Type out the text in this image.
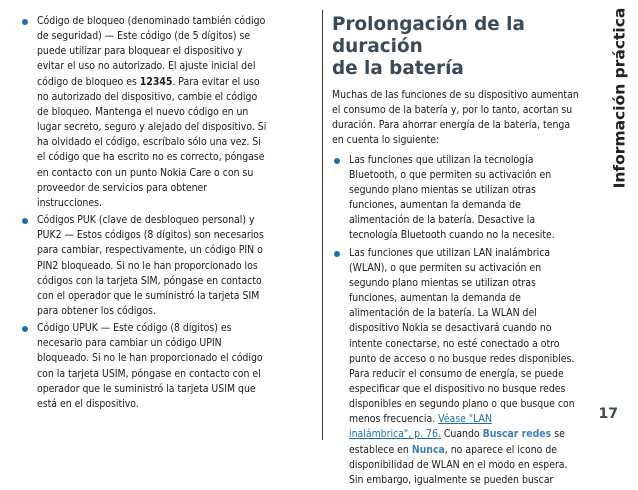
Código de bloqueo (denominado también código
de seguridad) — Este código (de 5 dígitos) se
puede utilizar para bloquear el dispositivo y
evitar el uso no autorizado. El ajuste inicial del
código de bloqueo es 12345. Para evitar el uso
no autorizado del dispositivo, cambie el código
de bloqueo. Mantenga el nuevo código en un
lugar secreto, seguro y alejado del dispositivo. Si
ha olvidado el código, escríbalo sólo una vez. Si
el código que ha escrito no es correcto, póngase
en contacto con un punto Nokia Care o con su
proveedor de servicios para obtener
instrucciones.
Códigos PUK (clave de desbloqueo personal) y
PUK2 — Estos códigos (8 dígitos) son necesarios
para cambiar, respectivamente, un código PIN o
PIN2 bloqueado. Si no le han proporcionado los
códigos con la tarjeta SIM, póngase en contacto
con el operador que le suministró la tarjeta SIM
para obtener los códigos.
Código UPUK — Este código (8 dígitos) es
necesario para cambiar un código UPIN
bloqueado. Si no le han proporcionado el código
con la tarjeta USIM, póngase en contacto con el
operador que le suministró la tarjeta USIM que
está en el dispositivo.
Prolongación de la duración
de la batería

Muchas de las funciones de su dispositivo aumentan
el consumo de la batería y, por lo tanto, acortan su
duración. Para ahorrar energía de la batería, tenga
en cuenta lo siguiente:

Las funciones que utilizan la tecnología
Bluetooth, o que permiten su activación en
segundo plano mientas se utilizan otras
funciones, aumentan la demanda de
alimentación de la batería. Desactive la
tecnología Bluetooth cuando no la necesite.
Las funciones que utilizan LAN inalámbrica
(WLAN), o que permiten su activación en
segundo plano mientas se utilizan otras
funciones, aumentan la demanda de
alimentación de la batería. La WLAN del
dispositivo Nokia se desactivará cuando no
intente conectarse, no esté conectado a otro
punto de acceso o no busque redes disponibles.
Para reducir el consumo de energía, se puede
especificar que el dispositivo no busque redes
disponibles en segundo plano o que busque con
menos frecuencia. Véase "LAN
inalámbrica", p. 76. Cuando Buscar redes se
establece en Nunca, no aparece el icono de
disponibilidad de WLAN en el modo en espera.
Sin embargo, igualmente se pueden buscar
Información práctica
17
